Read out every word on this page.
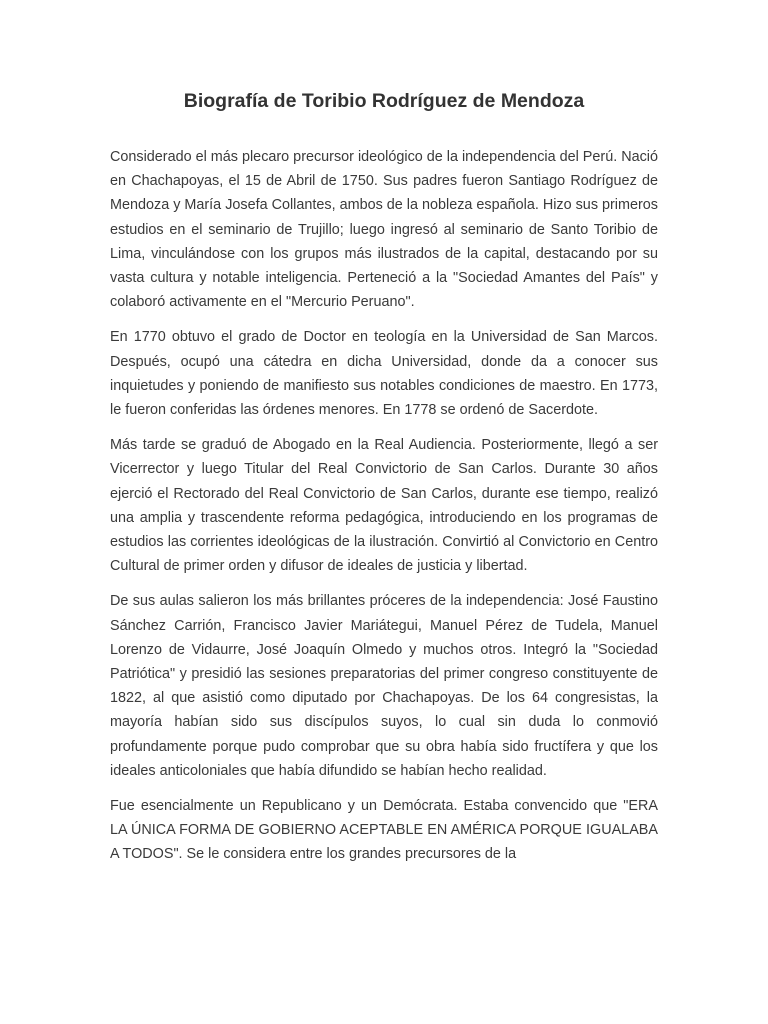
Biografía de Toribio Rodríguez de Mendoza

Considerado el más plecaro precursor ideológico de la independencia del Perú. Nació en Chachapoyas, el 15 de Abril de 1750. Sus padres fueron Santiago Rodríguez de Mendoza y María Josefa Collantes, ambos de la nobleza española. Hizo sus primeros estudios en el seminario de Trujillo; luego ingresó al seminario de Santo Toribio de Lima, vinculándose con los grupos más ilustrados de la capital, destacando por su vasta cultura y notable inteligencia. Perteneció a la "Sociedad Amantes del País" y colaboró activamente en el "Mercurio Peruano".

En 1770 obtuvo el grado de Doctor en teología en la Universidad de San Marcos. Después, ocupó una cátedra en dicha Universidad, donde da a conocer sus inquietudes y poniendo de manifiesto sus notables condiciones de maestro. En 1773, le fueron conferidas las órdenes menores. En 1778 se ordenó de Sacerdote.

Más tarde se graduó de Abogado en la Real Audiencia. Posteriormente, llegó a ser Vicerrector y luego Titular del Real Convictorio de San Carlos. Durante 30 años ejerció el Rectorado del Real Convictorio de San Carlos, durante ese tiempo, realizó una amplia y trascendente reforma pedagógica, introduciendo en los programas de estudios las corrientes ideológicas de la ilustración. Convirtió al Convictorio en Centro Cultural de primer orden y difusor de ideales de justicia y libertad.

De sus aulas salieron los más brillantes próceres de la independencia: José Faustino Sánchez Carrión, Francisco Javier Mariátegui, Manuel Pérez de Tudela, Manuel Lorenzo de Vidaurre, José Joaquín Olmedo y muchos otros. Integró la "Sociedad Patriótica" y presidió las sesiones preparatorias del primer congreso constituyente de 1822, al que asistió como diputado por Chachapoyas. De los 64 congresistas, la mayoría habían sido sus discípulos suyos, lo cual sin duda lo conmovió profundamente porque pudo comprobar que su obra había sido fructífera y que los ideales anticoloniales que había difundido se habían hecho realidad.

Fue esencialmente un Republicano y un Demócrata. Estaba convencido que "ERA LA ÚNICA FORMA DE GOBIERNO ACEPTABLE EN AMÉRICA PORQUE IGUALABA A TODOS". Se le considera entre los grandes precursores de la
